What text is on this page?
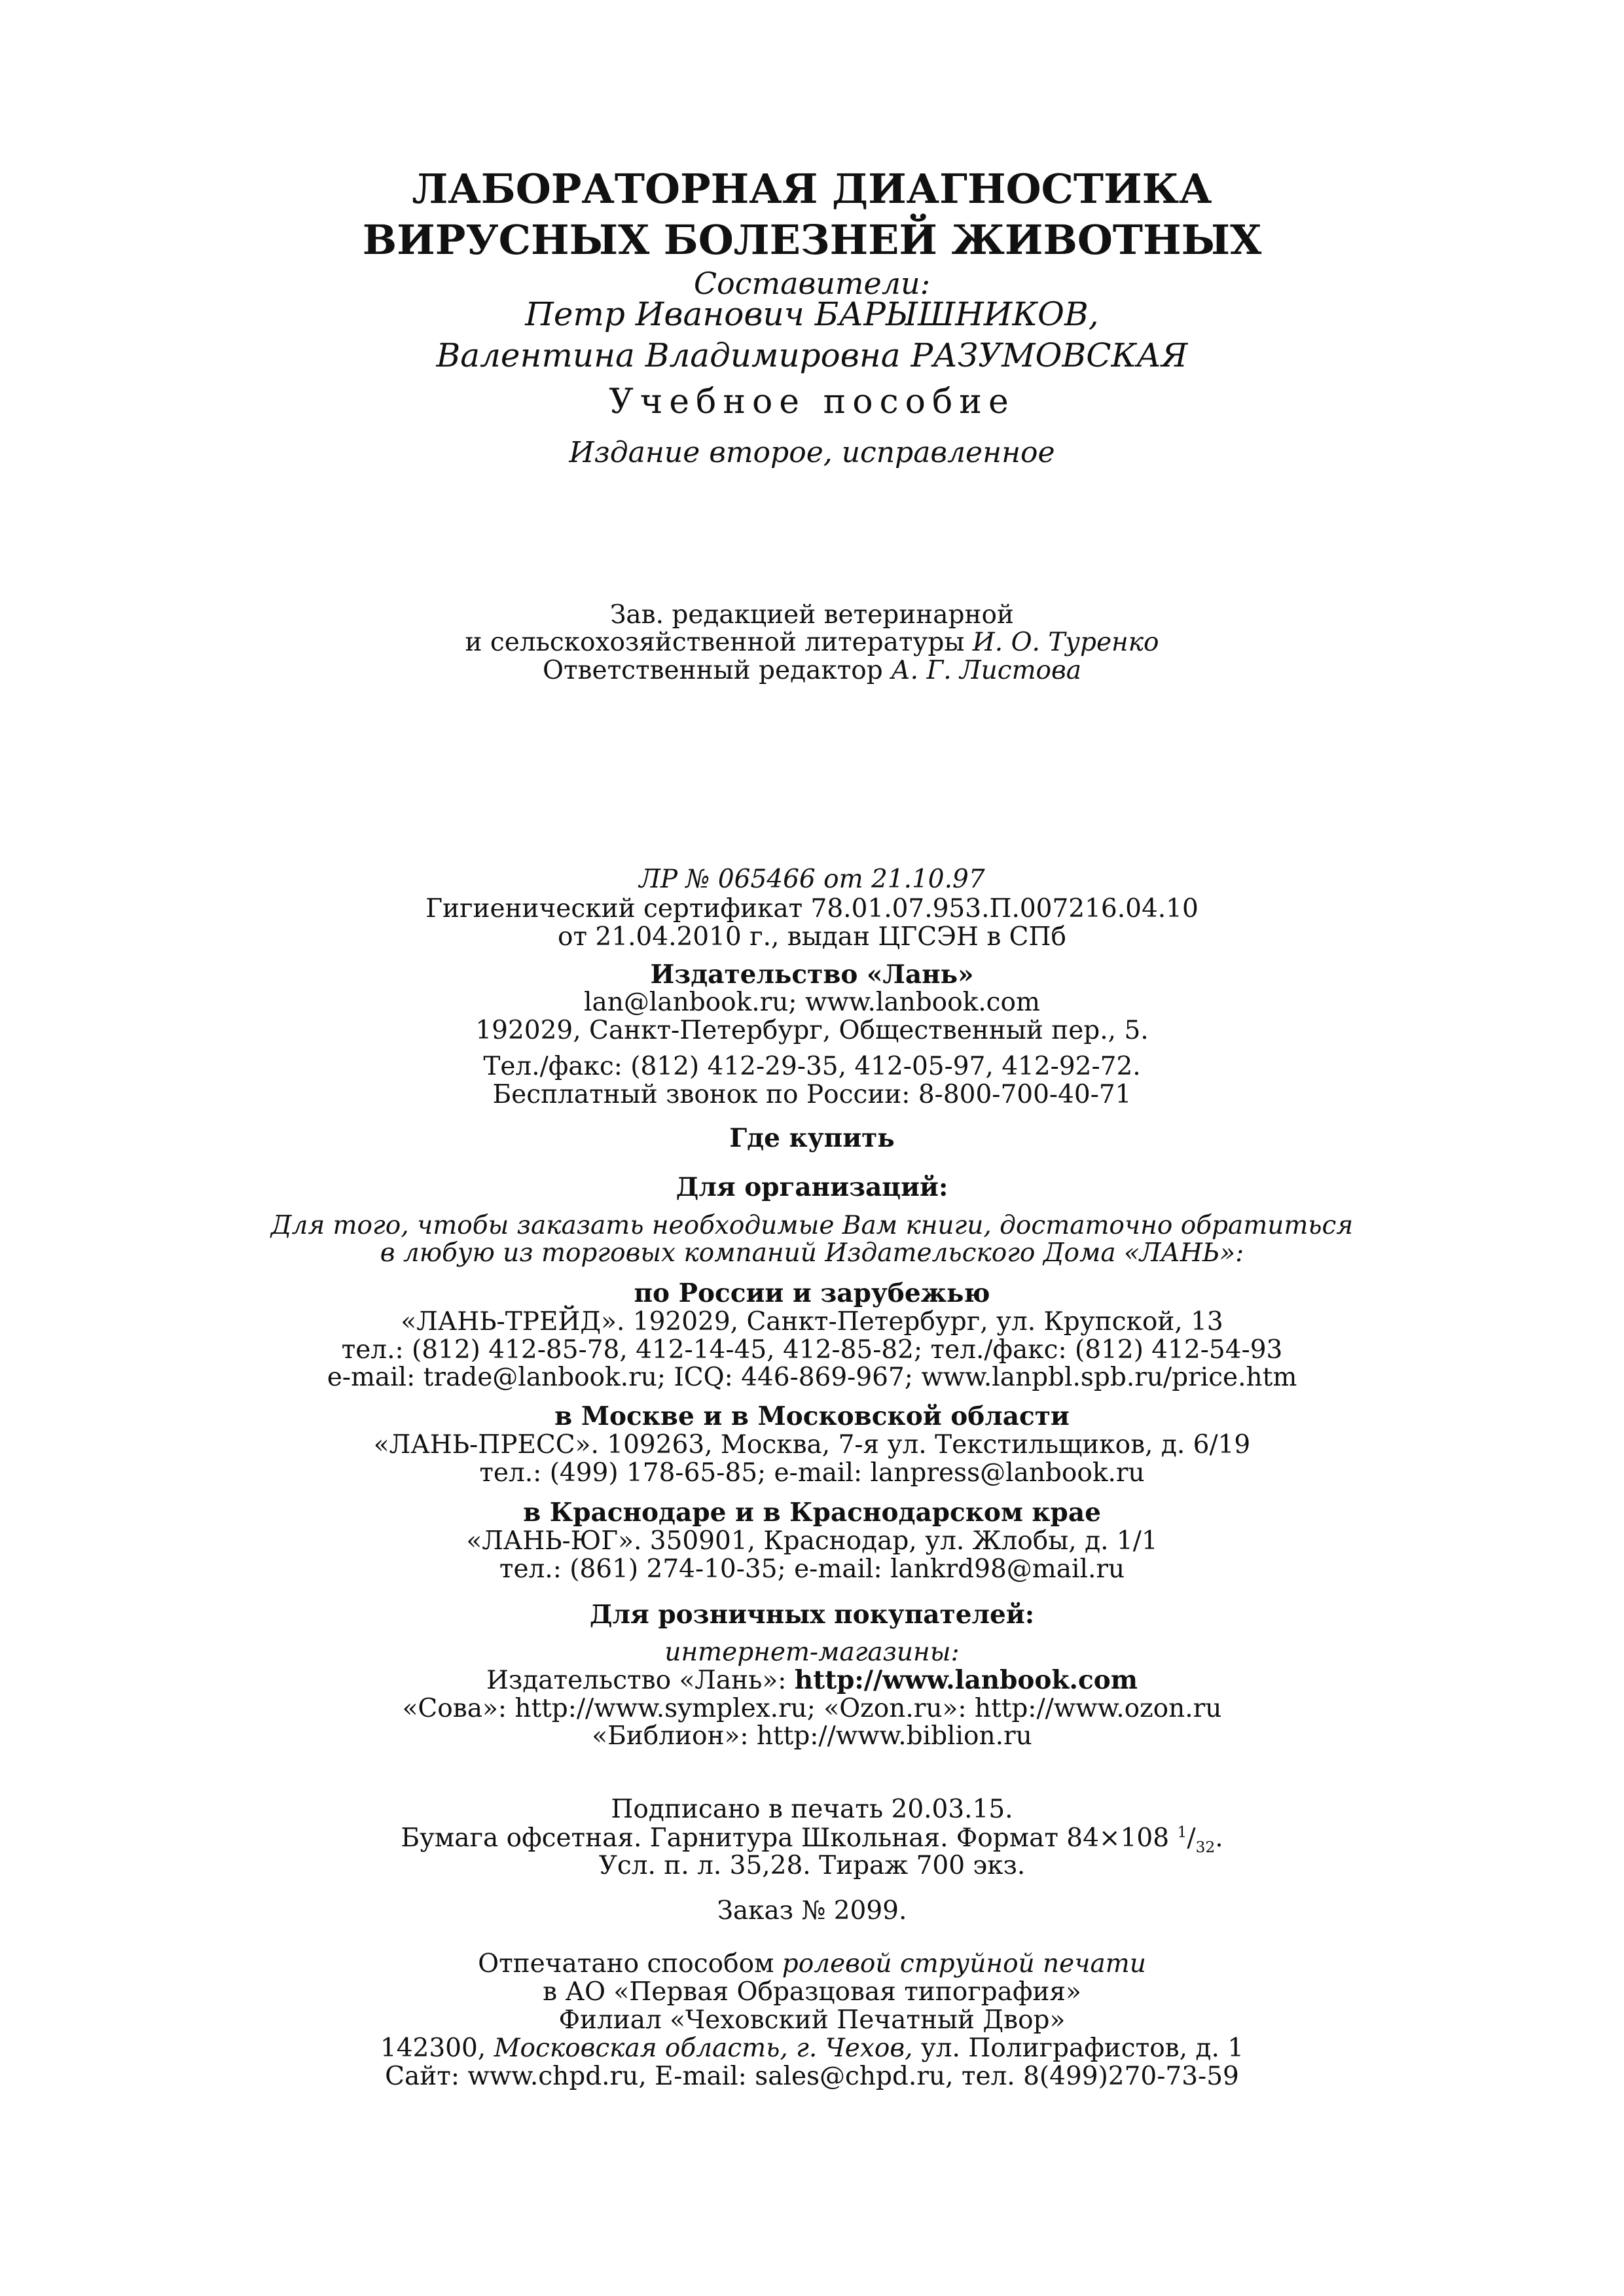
ЛАБОРАТОРНАЯ ДИАГНОСТИКА
ВИРУСНЫХ БОЛЕЗНЕЙ ЖИВОТНЫХ
Составители:
Петр Иванович БАРЫШНИКОВ,
Валентина Владимировна РАЗУМОВСКАЯ
Учебное пособие
Издание второе, исправленное
Зав. редакцией ветеринарной
и сельскохозяйственной литературы И. О. Туренко
Ответственный редактор А. Г. Листова
ЛР № 065466 от 21.10.97
Гигиенический сертификат 78.01.07.953.П.007216.04.10
от 21.04.2010 г., выдан ЦГСЭН в СПб
Издательство «Лань»
lan@lanbook.ru; www.lanbook.com
192029, Санкт-Петербург, Общественный пер., 5.
Тел./факс: (812) 412-29-35, 412-05-97, 412-92-72.
Бесплатный звонок по России: 8-800-700-40-71
Где купить
Для организаций:
Для того, чтобы заказать необходимые Вам книги, достаточно обратиться
в любую из торговых компаний Издательского Дома «ЛАНЬ»:
по России и зарубежью
«ЛАНЬ-ТРЕЙД». 192029, Санкт-Петербург, ул. Крупской, 13
тел.: (812) 412-85-78, 412-14-45, 412-85-82; тел./факс: (812) 412-54-93
e-mail: trade@lanbook.ru; ICQ: 446-869-967; www.lanpbl.spb.ru/price.htm
в Москве и в Московской области
«ЛАНЬ-ПРЕСС». 109263, Москва, 7-я ул. Текстильщиков, д. 6/19
тел.: (499) 178-65-85; e-mail: lanpress@lanbook.ru
в Краснодаре и в Краснодарском крае
«ЛАНЬ-ЮГ». 350901, Краснодар, ул. Жлобы, д. 1/1
тел.: (861) 274-10-35; e-mail: lankrd98@mail.ru
Для розничных покупателей:
интернет-магазины:
Издательство «Лань»: http://www.lanbook.com
«Сова»: http://www.symplex.ru; «Ozon.ru»: http://www.ozon.ru
«Библион»: http://www.biblion.ru
Подписано в печать 20.03.15.
Бумага офсетная. Гарнитура Школьная. Формат 84×108 $^1/_{32}$.
Усл. п. л. 35,28. Тираж 700 экз.
Заказ № 2099.
Отпечатано способом ролевой струйной печати
в АО «Первая Образцовая типография»
Филиал «Чеховский Печатный Двор»
142300, Московская область, г. Чехов, ул. Полиграфистов, д. 1
Сайт: www.chpd.ru, E-mail: sales@chpd.ru, тел. 8(499)270-73-59
